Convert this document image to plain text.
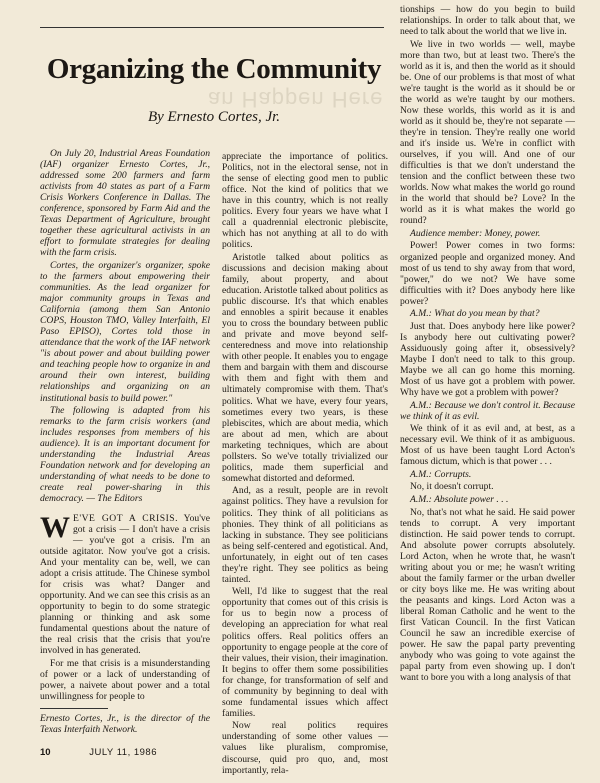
an Happen Here
Organizing the Community
By Ernesto Cortes, Jr.

On July 20, Industrial Areas Foundation (IAF) organizer Ernesto Cortes, Jr., addressed some 200 farmers and farm activists from 40 states as part of a Farm Crisis Workers Conference in Dallas. The conference, sponsored by Farm Aid and the Texas Department of Agriculture, brought together these agricultural activists in an effort to formulate strategies for dealing with the farm crisis.

Cortes, the organizer's organizer, spoke to the farmers about empowering their communities. As the lead organizer for major community groups in Texas and California (among them San Antonio COPS, Houston TMO, Valley Interfaith, El Paso EPISO), Cortes told those in attendance that the work of the IAF network "is about power and about building power and teaching people how to organize in and around their own interest, building relationships and organizing on an institutional basis to build power."

The following is adapted from his remarks to the farm crisis workers (and includes responses from members of his audience). It is an important document for understanding the Industrial Areas Foundation network and for developing an understanding of what needs to be done to create real power-sharing in this democracy. — The Editors

W E'VE GOT A CRISIS. You've got a crisis — I don't have a crisis — you've got a crisis. I'm an outside agitator. Now you've got a crisis. And your mentality can be, well, we can adopt a crisis attitude. The Chinese symbol for crisis was what? Danger and opportunity. And we can see this crisis as an opportunity to begin to do some strategic planning or thinking and ask some fundamental questions about the nature of the real crisis that the crisis that you're involved in has generated.

For me that crisis is a misunderstanding of power or a lack of understanding of power, a naivete about power and a total unwillingness for people to

Ernesto Cortes, Jr., is the director of the Texas Interfaith Network.

appreciate the importance of politics. Politics, not in the electoral sense, not in the sense of electing good men to public office. Not the kind of politics that we have in this country, which is not really politics. Every four years we have what I call a quadrennial electronic plebiscite, which has not anything at all to do with politics.

Aristotle talked about politics as discussions and decision making about family, about property, and about education. Aristotle talked about politics as public discourse. It's that which enables and ennobles a spirit because it enables you to cross the boundary between public and private and move beyond self-centeredness and move into relationship with other people. It enables you to engage them and bargain with them and discourse with them and fight with them and ultimately compromise with them. That's politics. What we have, every four years, sometimes every two years, is these plebiscites, which are about media, which are about ad men, which are about marketing techniques, which are about pollsters. So we've totally trivialized our politics, made them superficial and somewhat distorted and deformed.

And, as a result, people are in revolt against politics. They have a revulsion for politics. They think of all politicians as phonies. They think of all politicians as lacking in substance. They see politicians as being self-centered and egotistical. And, unfortunately, in eight out of ten cases they're right. They see politics as being tainted.

Well, I'd like to suggest that the real opportunity that comes out of this crisis is for us to begin now a process of developing an appreciation for what real politics offers. Real politics offers an opportunity to engage people at the core of their values, their vision, their imagination. It begins to offer them some possibilities for change, for transformation of self and of community by beginning to deal with some fundamental issues which affect families.

Now real politics requires understanding of some other values — values like pluralism, compromise, discourse, quid pro quo, and, most importantly, rela-

tionships — how do you begin to build relationships. In order to talk about that, we need to talk about the world that we live in.

We live in two worlds — well, maybe more than two, but at least two. There's the world as it is, and then the world as it should be. One of our problems is that most of what we're taught is the world as it should be or the world as we're taught by our mothers. Now these worlds, this world as it is and world as it should be, they're not separate — they're in tension. They're really one world and it's inside us. We're in conflict with ourselves, if you will. And one of our difficulties is that we don't understand the tension and the conflict between these two worlds. Now what makes the world go round in the world that should be? Love? In the world as it is what makes the world go round?

Audience member: Money, power.

Power! Power comes in two forms: organized people and organized money. And most of us tend to shy away from that word, "power," do we not? We have some difficulties with it? Does anybody here like power?

A.M.: What do you mean by that?

Just that. Does anybody here like power? Is anybody here out cultivating power? Assiduously going after it, obsessively? Maybe I don't need to talk to this group. Maybe we all can go home this morning. Most of us have got a problem with power. Why have we got a problem with power?

A.M.: Because we don't control it. Because we think of it as evil.

We think of it as evil and, at best, as a necessary evil. We think of it as ambiguous. Most of us have been taught Lord Acton's famous dictum, which is that power . . .

A.M.: Corrupts.

No, it doesn't corrupt.

A.M.: Absolute power . . .

No, that's not what he said. He said power tends to corrupt. A very important distinction. He said power tends to corrupt. And absolute power corrupts absolutely. Lord Acton, when he wrote that, he wasn't writing about you or me; he wasn't writing about the family farmer or the urban dweller or city boys like me. He was writing about the peasants and kings. Lord Acton was a liberal Roman Catholic and he went to the first Vatican Council. In the first Vatican Council he saw an incredible exercise of power. He saw the papal party preventing anybody who was going to vote against the papal party from even showing up. I don't want to bore you with a long analysis of that

10	JULY 11, 1986
